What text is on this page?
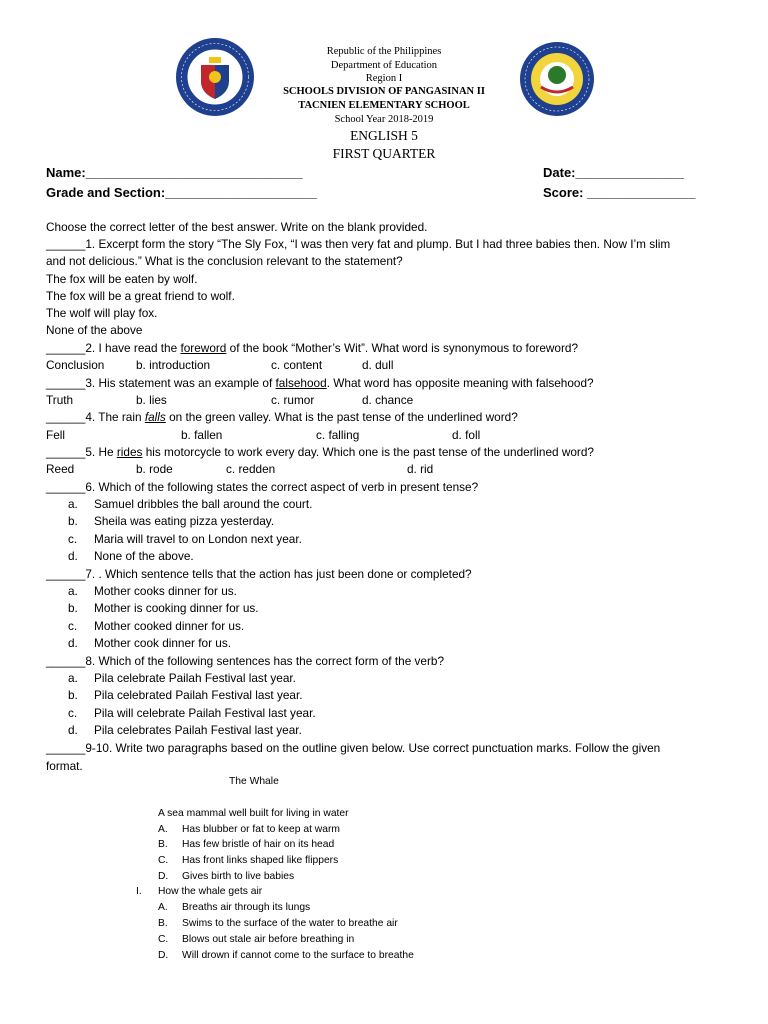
Republic of the Philippines
Department of Education
Region I
SCHOOLS DIVISION OF PANGASINAN II
TACNIEN ELEMENTARY SCHOOL
School Year 2018-2019
ENGLISH 5
FIRST QUARTER
Name:______________________________	Date:_______________
Grade and Section:_____________________	Score: _______________
Choose the correct letter of the best answer. Write on the blank provided.
______1. Excerpt form the story “The Sly Fox, “I was then very fat and plump. But I had three babies then. Now I’m slim
and not delicious.” What is the conclusion relevant to the statement?
The fox will be eaten by wolf.
The fox will be a great friend to wolf.
The wolf will play fox.
None of the above
______2. I have read the foreword of the book “Mother’s Wit”. What word is synonymous to foreword?
Conclusion	b. introduction	c. content	d. dull
______3. His statement was an example of falsehood. What word has opposite meaning with falsehood?
Truth	b. lies	c. rumor	d. chance
______4. The rain falls on the green valley. What is the past tense of the underlined word?
Fell	b. fallen	c. falling	d. foll
______5. He rides his motorcycle to work every day. Which one is the past tense of the underlined word?
Reed	b. rode	c. redden	d. rid
______6. Which of the following states the correct aspect of verb in present tense?
a. Samuel dribbles the ball around the court.
b. Sheila was eating pizza yesterday.
c. Maria will travel to on London next year.
d. None of the above.
______7. . Which sentence tells that the action has just been done or completed?
a. Mother cooks dinner for us.
b. Mother is cooking dinner for us.
c. Mother cooked dinner for us.
d. Mother cook dinner for us.
______8. Which of the following sentences has the correct form of the verb?
a. Pila celebrate Pailah Festival last year.
b. Pila celebrated Pailah Festival last year.
c. Pila will celebrate Pailah Festival last year.
d. Pila celebrates Pailah Festival last year.
______9-10. Write two paragraphs based on the outline given below. Use correct punctuation marks. Follow the given
format.
The Whale
A sea mammal well built for living in water
A. Has blubber or fat to keep at warm
B. Has few bristle of hair on its head
C. Has front links shaped like flippers
D. Gives birth to live babies
I. How the whale gets air
A. Breaths air through its lungs
B. Swims to the surface of the water to breathe air
C. Blows out stale air before breathing in
D. Will drown if cannot come to the surface to breathe
